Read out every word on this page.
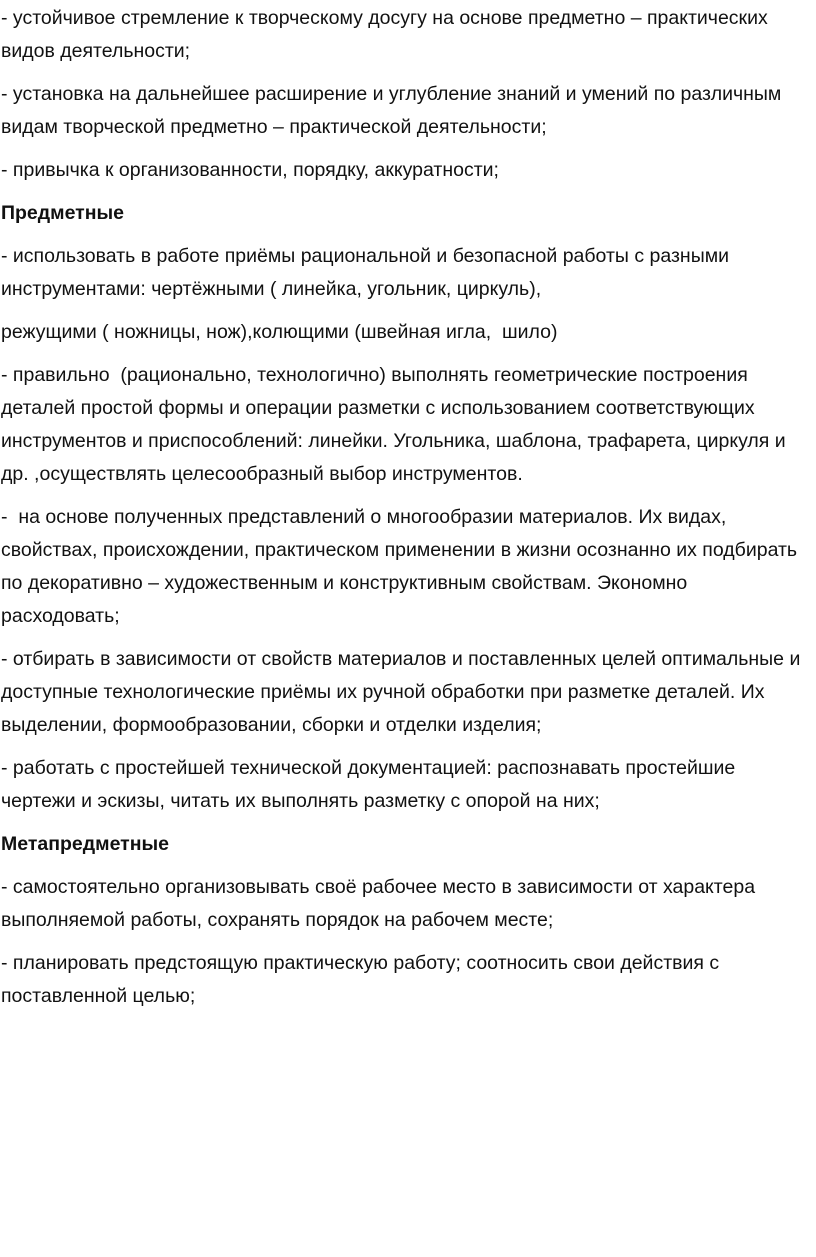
- устойчивое стремление к творческому досугу на основе предметно – практических видов деятельности;

- установка на дальнейшее расширение и углубление знаний и умений по различным видам творческой предметно – практической деятельности;

- привычка к организованности, порядку, аккуратности;

Предметные

- использовать в работе приёмы рациональной и безопасной работы с разными инструментами: чертёжными ( линейка, угольник, циркуль),

режущими ( ножницы, нож),колющими (швейная игла,  шило)

- правильно  (рационально, технологично) выполнять геометрические построения деталей простой формы и операции разметки с использованием соответствующих инструментов и приспособлений: линейки. Угольника, шаблона, трафарета, циркуля и др. ,осуществлять целесообразный выбор инструментов.

-  на основе полученных представлений о многообразии материалов. Их видах, свойствах, происхождении, практическом применении в жизни осознанно их подбирать по декоративно – художественным и конструктивным свойствам. Экономно расходовать;

- отбирать в зависимости от свойств материалов и поставленных целей оптимальные и доступные технологические приёмы их ручной обработки при разметке деталей. Их выделении, формообразовании, сборки и отделки изделия;

- работать с простейшей технической документацией: распознавать простейшие чертежи и эскизы, читать их выполнять разметку с опорой на них;

Метапредметные

- самостоятельно организовывать своё рабочее место в зависимости от характера выполняемой работы, сохранять порядок на рабочем месте;

- планировать предстоящую практическую работу; соотносить свои действия с поставленной целью;
